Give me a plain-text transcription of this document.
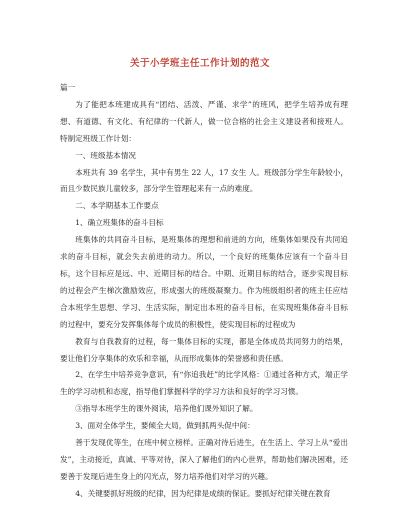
关于小学班主任工作计划的范文

篇一

为了能把本班建成具有“团结、活泼、严谨、求学”的班风，把学生培养成有理想、有道德、有文化、有纪律的一代新人，做一位合格的社会主义建设者和接班人。特制定班级工作计划：

一、班级基本情况

本班共有 39 名学生，其中有男生 22 人，17 女生 人。班级部分学生年龄较小，而且少数民族儿童较多，部分学生管理起来有一点的难度。

二、本学期基本工作要点

1、确立班集体的奋斗目标

班集体的共同奋斗目标，是班集体的理想和前进的方向，班集体如果没有共同追求的奋斗目标，就会失去前进的动力。所以，一个良好的班集体应该有一个奋斗目标，这个目标应是远、中、近期目标的结合。中期、近期目标的结合，逐步实现目标的过程会产生梯次激励效应，形成强大的班级凝聚力。作为班级组织者的班主任应结合本班学生思想、学习、生活实际，制定出本班的奋斗目标，在实现班集体奋斗目标的过程中，要充分发挥集体每个成员的积极性，使实现目标的过程成为

教育与自我教育的过程，每一集体目标的实现，都是全体成员共同努力的结果，要让他们分享集体的欢乐和幸福，从而形成集体的荣誉感和责任感。

2、在学生中培养竞争意识，有“你追我赶”的比学风格：①通过各种方式，端正学生的学习动机和态度，指导他们掌握科学的学习方法和良好的学习习惯。

③指导本班学生的课外阅读，培养他们课外知识了解。

3、面对全体学生，要倾全大局，做到抓两头促中间：

善于发现优等生，在班中树立榜样。正确对待后进生，在生活上、学习上从“爱出发”，主动接近，真诚、平等对待，深入了解他们的内心世界，帮助他们解决困难，还要善于发现后进生身上的闪光点，努力培养他们对学习的兴趣。

4、关键要抓好班级的纪律，因为纪律是成绩的保证。要抓好纪律关键在教育
